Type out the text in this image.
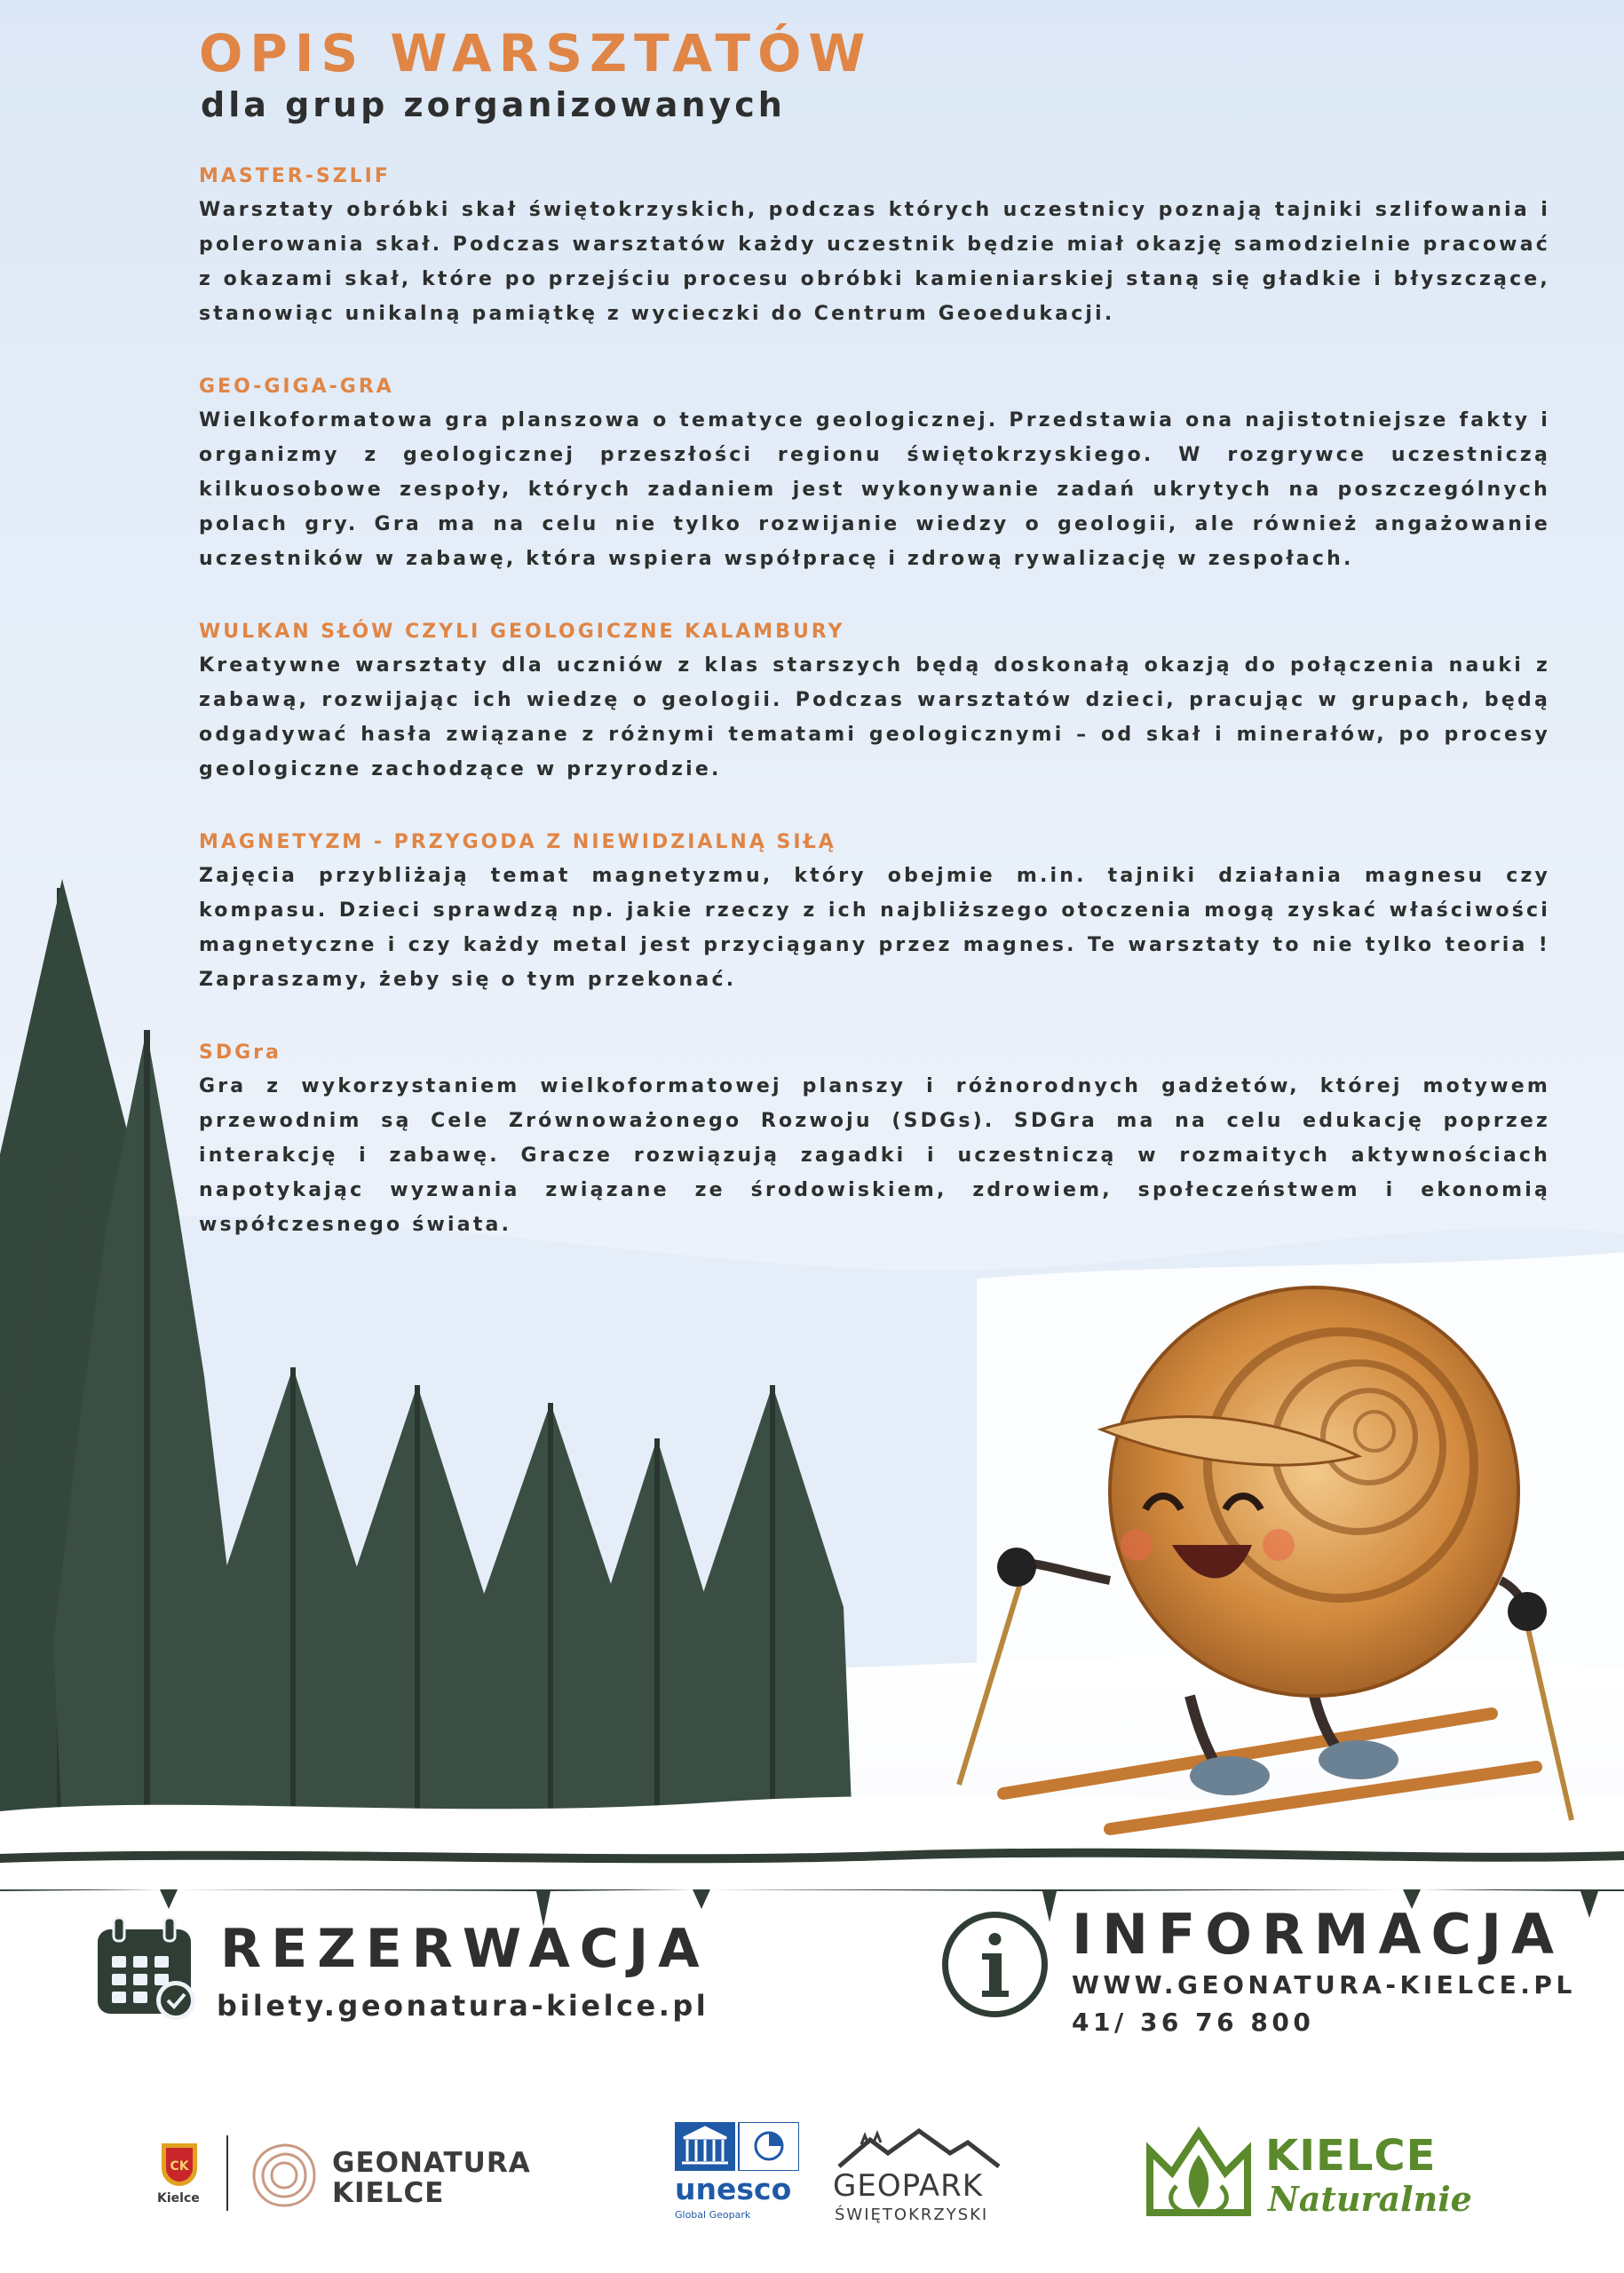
OPIS WARSZTATÓW
dla grup zorganizowanych
MASTER-SZLIF

Warsztaty obróbki skał świętokrzyskich, podczas których uczestnicy poznają tajniki szlifowania i polerowania skał. Podczas warsztatów każdy uczestnik będzie miał okazję samodzielnie pracować z okazami skał, które po przejściu procesu obróbki kamieniarskiej staną się gładkie i błyszczące, stanowiąc unikalną pamiątkę z wycieczki do Centrum Geoedukacji.

GEO-GIGA-GRA

Wielkoformatowa gra planszowa o tematyce geologicznej. Przedstawia ona najistotniejsze fakty i organizmy z geologicznej przeszłości regionu świętokrzyskiego. W rozgrywce uczestniczą kilkuosobowe zespoły, których zadaniem jest wykonywanie zadań ukrytych na poszczególnych polach gry. Gra ma na celu nie tylko rozwijanie wiedzy o geologii, ale również angażowanie uczestników w zabawę, która wspiera współpracę i zdrową rywalizację w zespołach.

WULKAN SŁÓW CZYLI GEOLOGICZNE KALAMBURY

Kreatywne warsztaty dla uczniów z klas starszych będą doskonałą okazją do połączenia nauki z zabawą, rozwijając ich wiedzę o geologii. Podczas warsztatów dzieci, pracując w grupach, będą odgadywać hasła związane z różnymi tematami geologicznymi – od skał i minerałów, po procesy geologiczne zachodzące w przyrodzie.

MAGNETYZM - PRZYGODA Z NIEWIDZIALNĄ SIŁĄ

Zajęcia przybliżają temat magnetyzmu, który obejmie m.in. tajniki działania magnesu czy kompasu. Dzieci sprawdzą np. jakie rzeczy z ich najbliższego otoczenia mogą zyskać właściwości magnetyczne i czy każdy metal jest przyciągany przez magnes. Te warsztaty to nie tylko teoria ! Zapraszamy, żeby się o tym przekonać.

SDGra

Gra z wykorzystaniem wielkoformatowej planszy i różnorodnych gadżetów, której motywem przewodnim są Cele Zrównoważonego Rozwoju (SDGs). SDGra ma na celu edukację poprzez interakcję i zabawę. Gracze rozwiązują zagadki i uczestniczą w rozmaitych aktywnościach napotykając wyzwania związane ze środowiskiem, zdrowiem, społeczeństwem i ekonomią współczesnego świata.

REZERWACJA
bilety.geonatura-kielce.pl
INFORMACJA
WWW.GEONATURA-KIELCE.PL
41/ 36 76 800
CK
Kielce
GEONATURA
KIELCE	unesco
Global Geopark
GEOPARK
ŚWIĘTOKRZYSKI
KIELCE
Naturalnie
